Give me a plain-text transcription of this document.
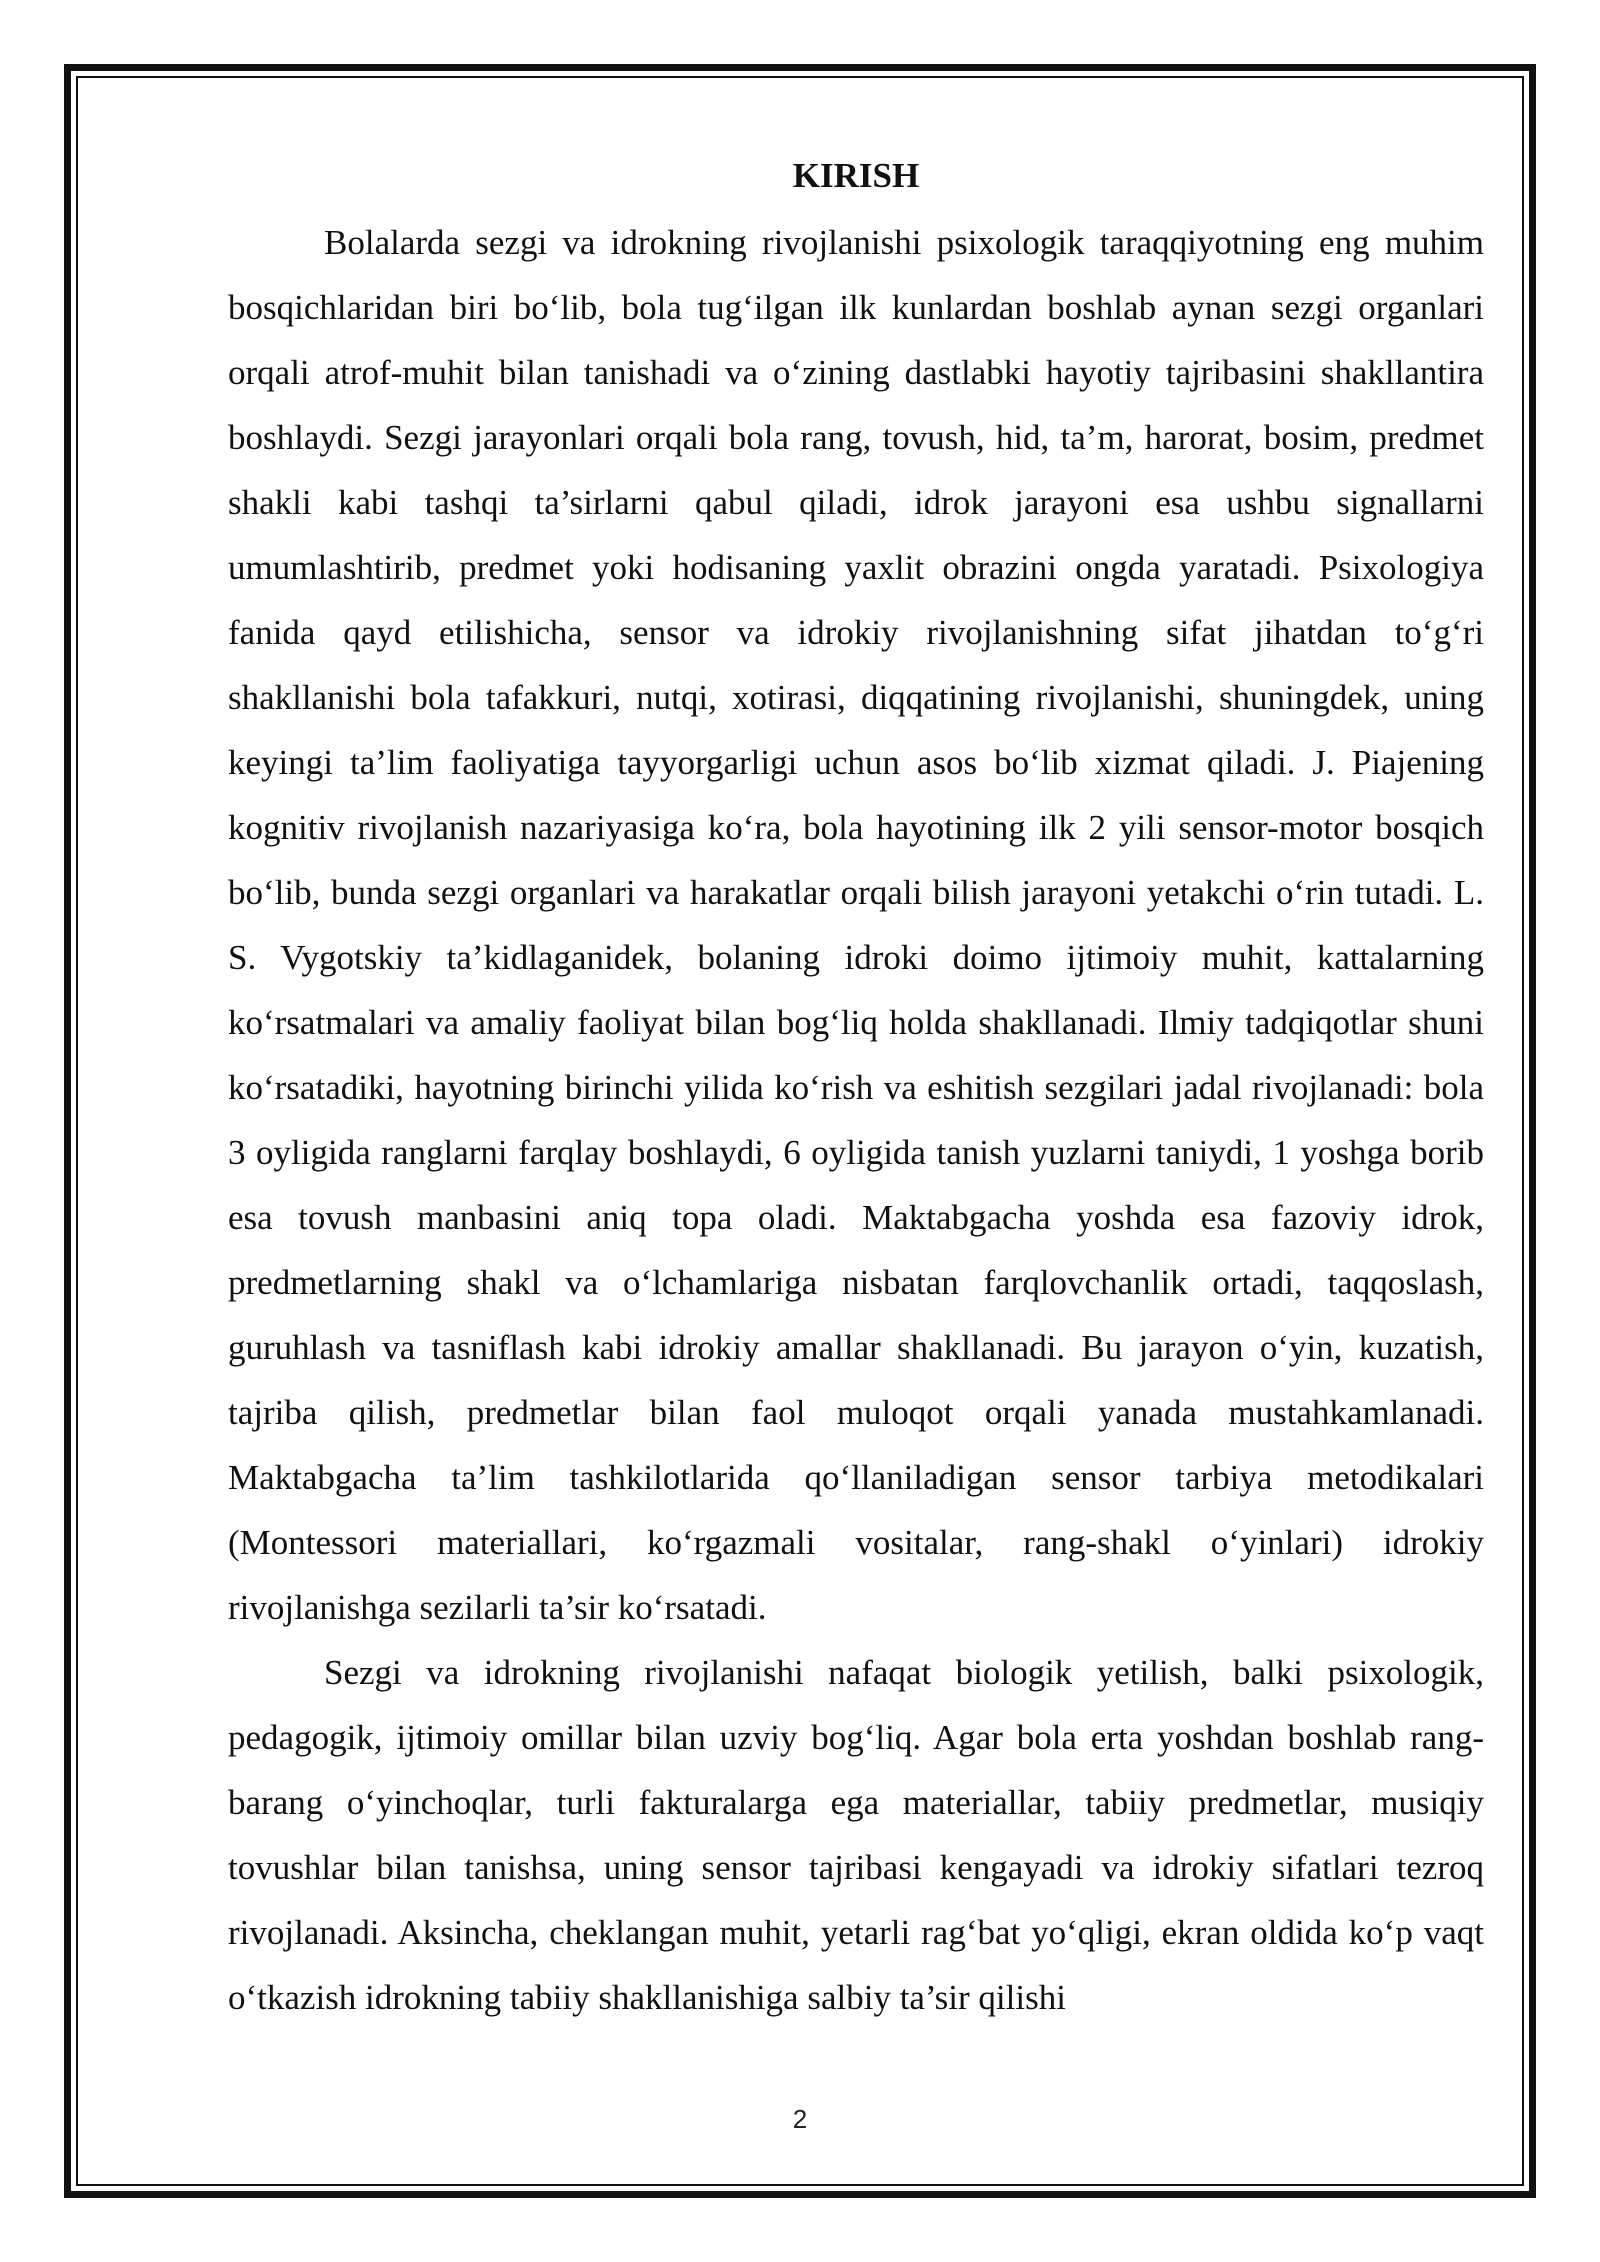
KIRISH

Bolalarda sezgi va idrokning rivojlanishi psixologik taraqqiyotning eng muhim bosqichlaridan biri bo‘lib, bola tug‘ilgan ilk kunlardan boshlab aynan sezgi organlari orqali atrof-muhit bilan tanishadi va o‘zining dastlabki hayotiy tajribasini shakllantira boshlaydi. Sezgi jarayonlari orqali bola rang, tovush, hid, ta’m, harorat, bosim, predmet shakli kabi tashqi ta’sirlarni qabul qiladi, idrok jarayoni esa ushbu signallarni umumlashtirib, predmet yoki hodisaning yaxlit obrazini ongda yaratadi. Psixologiya fanida qayd etilishicha, sensor va idrokiy rivojlanishning sifat jihatdan to‘g‘ri shakllanishi bola tafakkuri, nutqi, xotirasi, diqqatining rivojlanishi, shuningdek, uning keyingi ta’lim faoliyatiga tayyorgarligi uchun asos bo‘lib xizmat qiladi. J. Piajening kognitiv rivojlanish nazariyasiga ko‘ra, bola hayotining ilk 2 yili sensor-motor bosqich bo‘lib, bunda sezgi organlari va harakatlar orqali bilish jarayoni yetakchi o‘rin tutadi. L. S. Vygotskiy ta’kidlaganidek, bolaning idroki doimo ijtimoiy muhit, kattalarning ko‘rsatmalari va amaliy faoliyat bilan bog‘liq holda shakllanadi. Ilmiy tadqiqotlar shuni ko‘rsatadiki, hayotning birinchi yilida ko‘rish va eshitish sezgilari jadal rivojlanadi: bola 3 oyligida ranglarni farqlay boshlaydi, 6 oyligida tanish yuzlarni taniydi, 1 yoshga borib esa tovush manbasini aniq topa oladi. Maktabgacha yoshda esa fazoviy idrok, predmetlarning shakl va o‘lchamlariga nisbatan farqlovchanlik ortadi, taqqoslash, guruhlash va tasniflash kabi idrokiy amallar shakllanadi. Bu jarayon o‘yin, kuzatish, tajriba qilish, predmetlar bilan faol muloqot orqali yanada mustahkamlanadi. Maktabgacha ta’lim tashkilotlarida qo‘llaniladigan sensor tarbiya metodikalari (Montessori materiallari, ko‘rgazmali vositalar, rang-shakl o‘yinlari) idrokiy rivojlanishga sezilarli ta’sir ko‘rsatadi.

Sezgi va idrokning rivojlanishi nafaqat biologik yetilish, balki psixologik, pedagogik, ijtimoiy omillar bilan uzviy bog‘liq. Agar bola erta yoshdan boshlab rang-barang o‘yinchoqlar, turli fakturalarga ega materiallar, tabiiy predmetlar, musiqiy tovushlar bilan tanishsa, uning sensor tajribasi kengayadi va idrokiy sifatlari tezroq rivojlanadi. Aksincha, cheklangan muhit, yetarli rag‘bat yo‘qligi, ekran oldida ko‘p vaqt o‘tkazish idrokning tabiiy shakllanishiga salbiy ta’sir qilishi

2
